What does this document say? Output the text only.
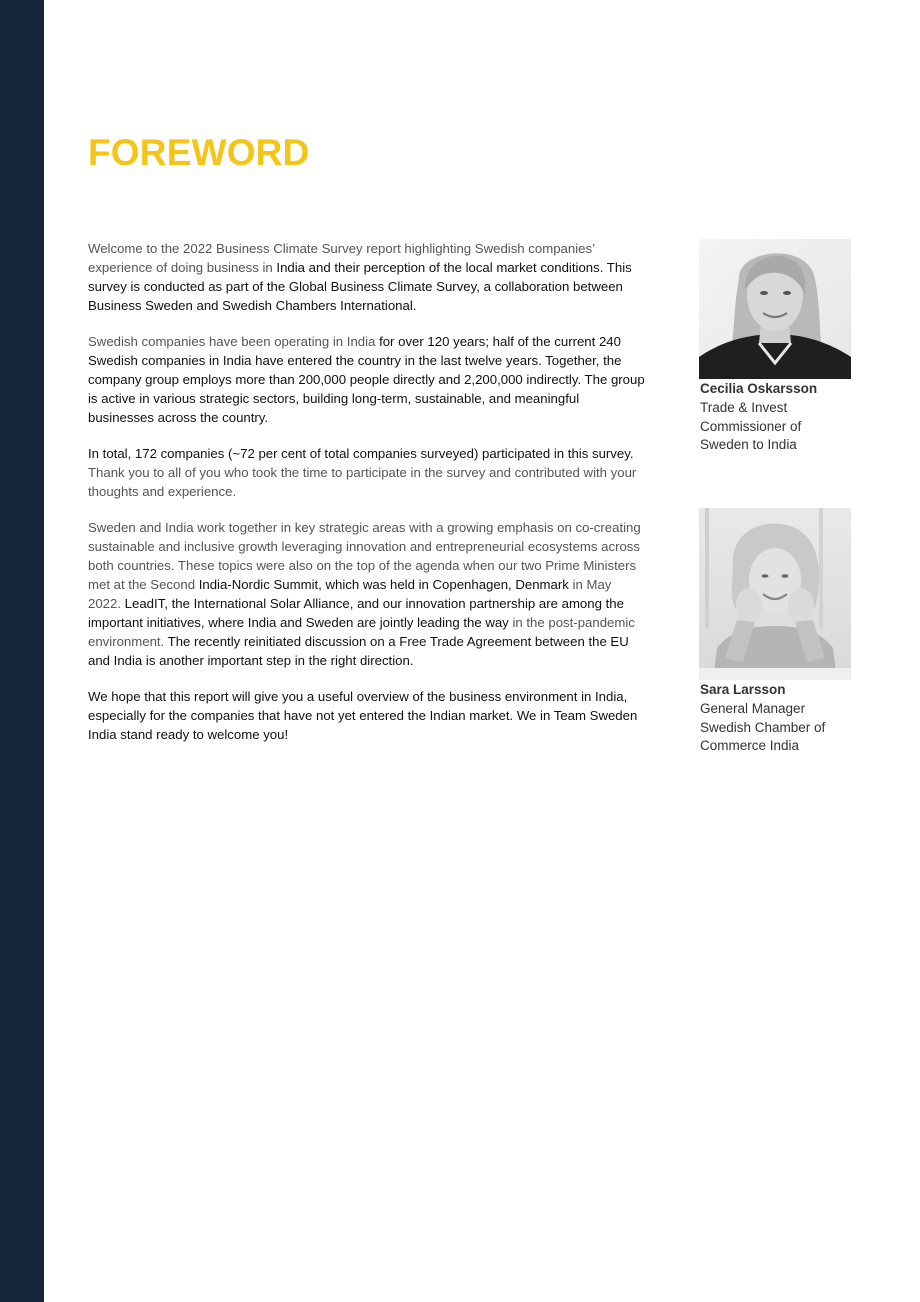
FOREWORD

Welcome to the 2022 Business Climate Survey report highlighting Swedish companies’ experience of doing business in India and their perception of the local market conditions. This survey is conducted as part of the Global Business Climate Survey, a collaboration between Business Sweden and Swedish Chambers International.

Swedish companies have been operating in India for over 120 years; half of the current 240 Swedish companies in India have entered the country in the last twelve years. Together, the company group employs more than 200,000 people directly and 2,200,000 indirectly. The group is active in various strategic sectors, building long-term, sustainable, and meaningful businesses across the country.

In total, 172 companies (~72 per cent of total companies surveyed) participated in this survey. Thank you to all of you who took the time to participate in the survey and contributed with your thoughts and experience.

Sweden and India work together in key strategic areas with a growing emphasis on co-creating sustainable and inclusive growth leveraging innovation and entrepreneurial ecosystems across both countries. These topics were also on the top of the agenda when our two Prime Ministers met at the Second India-Nordic Summit, which was held in Copenhagen, Denmark in May 2022. LeadIT, the International Solar Alliance, and our innovation partnership are among the important initiatives, where India and Sweden are jointly leading the way in the post-pandemic environment. The recently reinitiated discussion on a Free Trade Agreement between the EU and India is another important step in the right direction.

We hope that this report will give you a useful overview of the business environment in India, especially for the companies that have not yet entered the Indian market. We in Team Sweden India stand ready to welcome you!

Cecilia Oskarsson
Trade & Invest
Commissioner of
Sweden to India
Sara Larsson
General Manager
Swedish Chamber of
Commerce India
